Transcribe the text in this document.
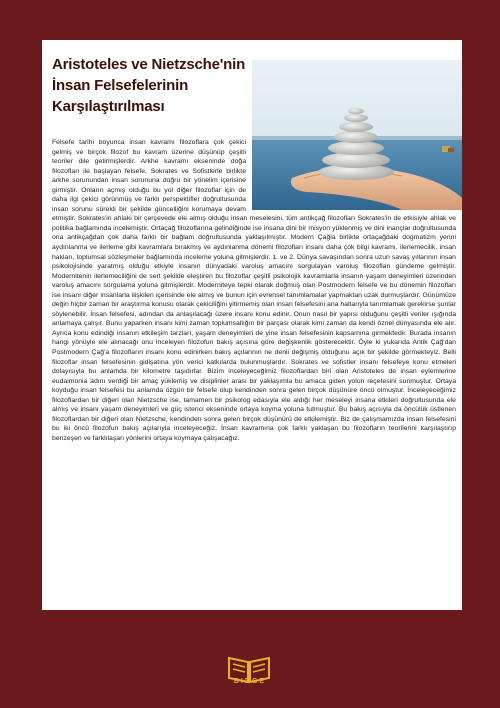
Aristoteles ve Nietzsche'nin İnsan Felsefelerinin Karşılaştırılması

Felsefe tarihi boyunca insan kavramı filozoflara çok çekici gelmiş ve birçok filozof bu kavram üzerine düşünüp çeşitli teoriler dile getirmişlerdir. Arkhe kavramı ekseninde doğa filozofları ile başlayan felsefe, Sokrates ve Sofistlerle birlikte arkhe sorunundan insan sorununa doğru bir yönelim içerisine girmiştir. Onların açmış olduğu bu yol diğer filozoflar için de daha ilgi çekici görünmüş ve farklı perspektifler doğrultusunda insan sorunu sürekli bir şekilde güncelliğini korumaya devam etmiştir. Sokrates'in ahlaki bir çerçevede ele almış olduğu insan meselesini, tüm antikçağ filozofları Sokrates'in de etkisiyle ahlak ve politika bağlamında incelemiştir. Ortaçağ filozoflarına gelindiğinde ise insana dini bir misyon yüklenmiş ve dini inançlar doğrultusunda ona antikçağdan çok daha farklı bir bağlam doğrultusunda yaklaşılmıştır. Modern Çağla birlikte ortaçağdaki dogmatizm yerini aydınlanma ve ilerleme gibi kavramlara bırakmış ve aydınlanma dönemi filozofları insanı daha çok bilgi kavramı, ilerlemecilik, insan hakları, toplumsal sözleşmeler bağlamında inceleme yoluna gitmişlerdir. 1. ve 2. Dünya savaşından sonra uzun savaş yıllarının insan psikolojisinde yaratmış olduğu etkiyle insanın dünyadaki varoluş amacını sorgulayan varoluş filozofları gündeme gelmiştir. Modernitenin ilerlemeciliğini de sert şekilde eleştiren bu filozoflar çeşitli psikolojik kavramlarla insanın yaşam deneyimleri üzerinden varoluş amacını sorgulama yoluna gitmişlerdir. Moderniteye tepki olarak doğmuş olan Postmodern felsefe ve bu dönemin filozofları ise insanı diğer insanlarla ilişkileri içerisinde ele almış ve bunun için evrensel tanımlamalar yapmaktan uzak durmuşlardır. Günümüze değin hiçbir zaman bir araştırma konusu olarak çekiciliğini yitirmemiş olan insan felsefesini ana hatlarıyla tanımlamak gerekirse şunlar söylenebilir. İnsan felsefesi, adından da anlaşılacağı üzere insanı konu edinir. Onun nasıl bir yapısı olduğunu çeşitli veriler ışığında anlamaya çalışır. Bunu yaparken insanı kimi zaman toplumsallığın bir parçası olarak kimi zaman da kendi öznel dünyasında ele alır. Ayrıca konu edindiği insanın etkileşim tarzları, yaşam deneyimleri de yine insan felsefesinin kapsamına girmektedir. Burada insanın hangi yönüyle ele alınacağı onu inceleyen filozofun bakış açısına göre değişkenlik gösterecektir. Öyle ki yukarıda Antik Çağ'dan Postmodern Çağ'a filozofların insanı konu edinirken bakış açılarının ne denli değişmiş olduğunu açık bir şekilde görmekteyiz. Belli filozoflar insan felsefesinin gidişatına yön verici katkılarda bulunmuşlardır. Sokrates ve sofistler insanı felsefeye konu etmeleri dolayısıyla bu anlamda bir kilometre taşıdırlar. Bizim inceleyeceğimiz filozoflardan biri olan Aristoteles de insan eylemlerine eudaimonia adını verdiği bir amaç yüklemiş ve disiplinler arası bir yaklaşımla bu amaca giden yolun reçetesini sunmuştur. Ortaya koyduğu insan felsefesi bu anlamda özgün bir felsefe olup kendinden sonra gelen birçok düşünüre öncü olmuştur. İnceleyeceğimiz filozoflardan bir diğeri olan Nietzsche ise, tamamen bir psikolog edasıyla ele aldığı her meseleyi insana etkileri doğrultusunda ele almış ve insanı yaşam deneyimleri ve güç istenci ekseninde ortaya koyma yoluna tutmuştur. Bu bakış açısıyla da öncülük üstlenen filozoflardan bir diğeri olan Nietzsche, kendinden sonra gelen birçok düşünürü de etkilemiştir. Biz de çalışmamızda insan felsefesini bu iki öncü filozofun bakış açılarıyla inceleyeceğiz. İnsan kavramına çok farklı yaklaşan bu filozofların teorilerini karşılaştırıp benzeşen ve farklılaşan yönlerini ortaya koymaya çalışacağız.

BIDGE
